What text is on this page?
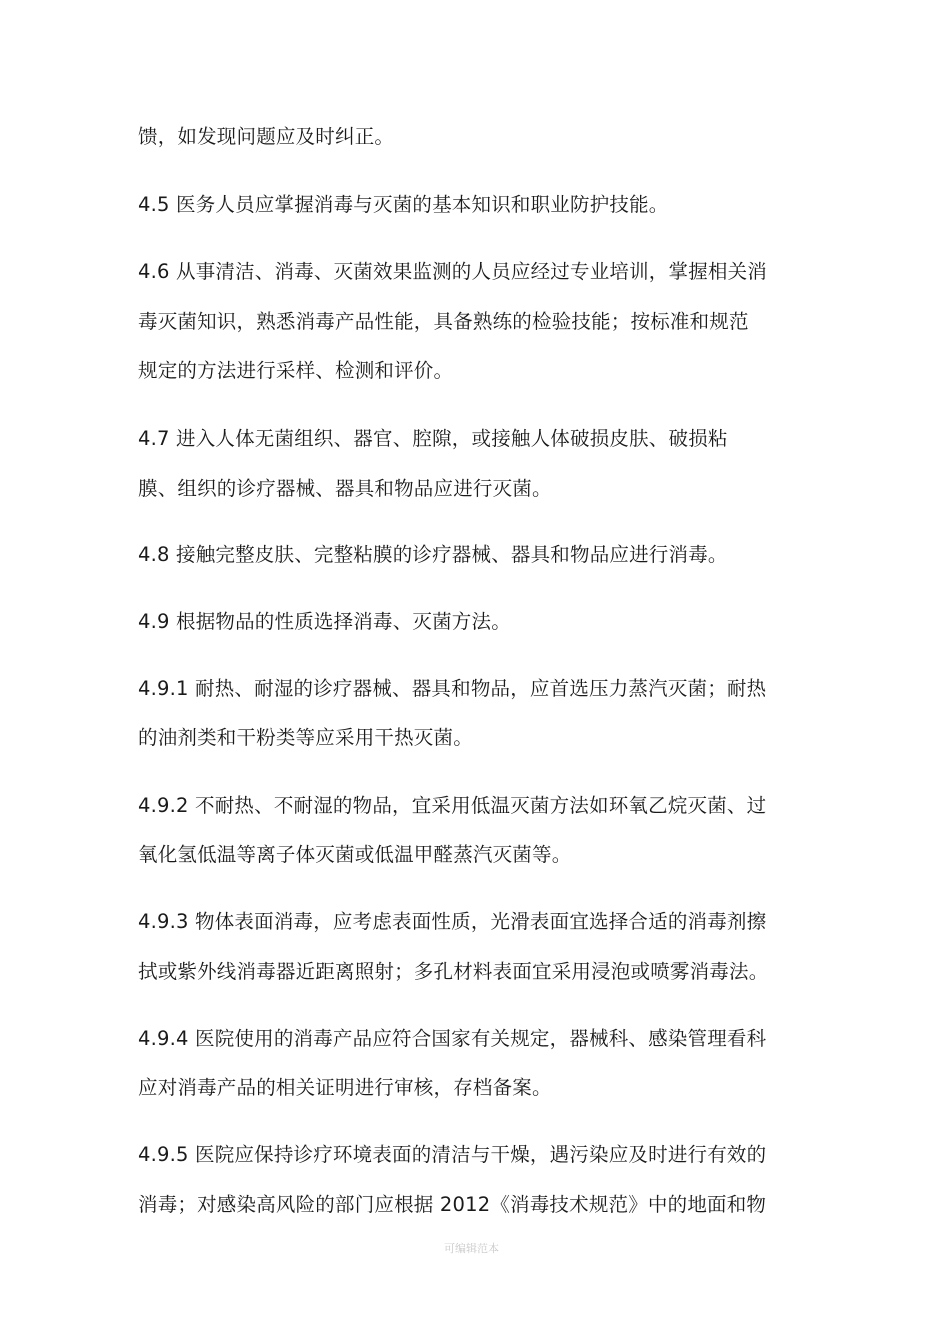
馈，如发现问题应及时纠正。
4.5 医务人员应掌握消毒与灭菌的基本知识和职业防护技能。
4.6 从事清洁、消毒、灭菌效果监测的人员应经过专业培训，掌握相关消
毒灭菌知识，熟悉消毒产品性能，具备熟练的检验技能；按标准和规范
规定的方法进行采样、检测和评价。
4.7 进入人体无菌组织、器官、腔隙，或接触人体破损皮肤、破损粘
膜、组织的诊疗器械、器具和物品应进行灭菌。
4.8 接触完整皮肤、完整粘膜的诊疗器械、器具和物品应进行消毒。
4.9 根据物品的性质选择消毒、灭菌方法。
4.9.1 耐热、耐湿的诊疗器械、器具和物品，应首选压力蒸汽灭菌；耐热
的油剂类和干粉类等应采用干热灭菌。
4.9.2 不耐热、不耐湿的物品，宜采用低温灭菌方法如环氧乙烷灭菌、过
氧化氢低温等离子体灭菌或低温甲醛蒸汽灭菌等。
4.9.3 物体表面消毒，应考虑表面性质，光滑表面宜选择合适的消毒剂擦
拭或紫外线消毒器近距离照射；多孔材料表面宜采用浸泡或喷雾消毒法。
4.9.4 医院使用的消毒产品应符合国家有关规定，器械科、感染管理看科
应对消毒产品的相关证明进行审核，存档备案。
4.9.5 医院应保持诊疗环境表面的清洁与干燥，遇污染应及时进行有效的
消毒；对感染高风险的部门应根据 2012《消毒技术规范》中的地面和物
可编辑范本
